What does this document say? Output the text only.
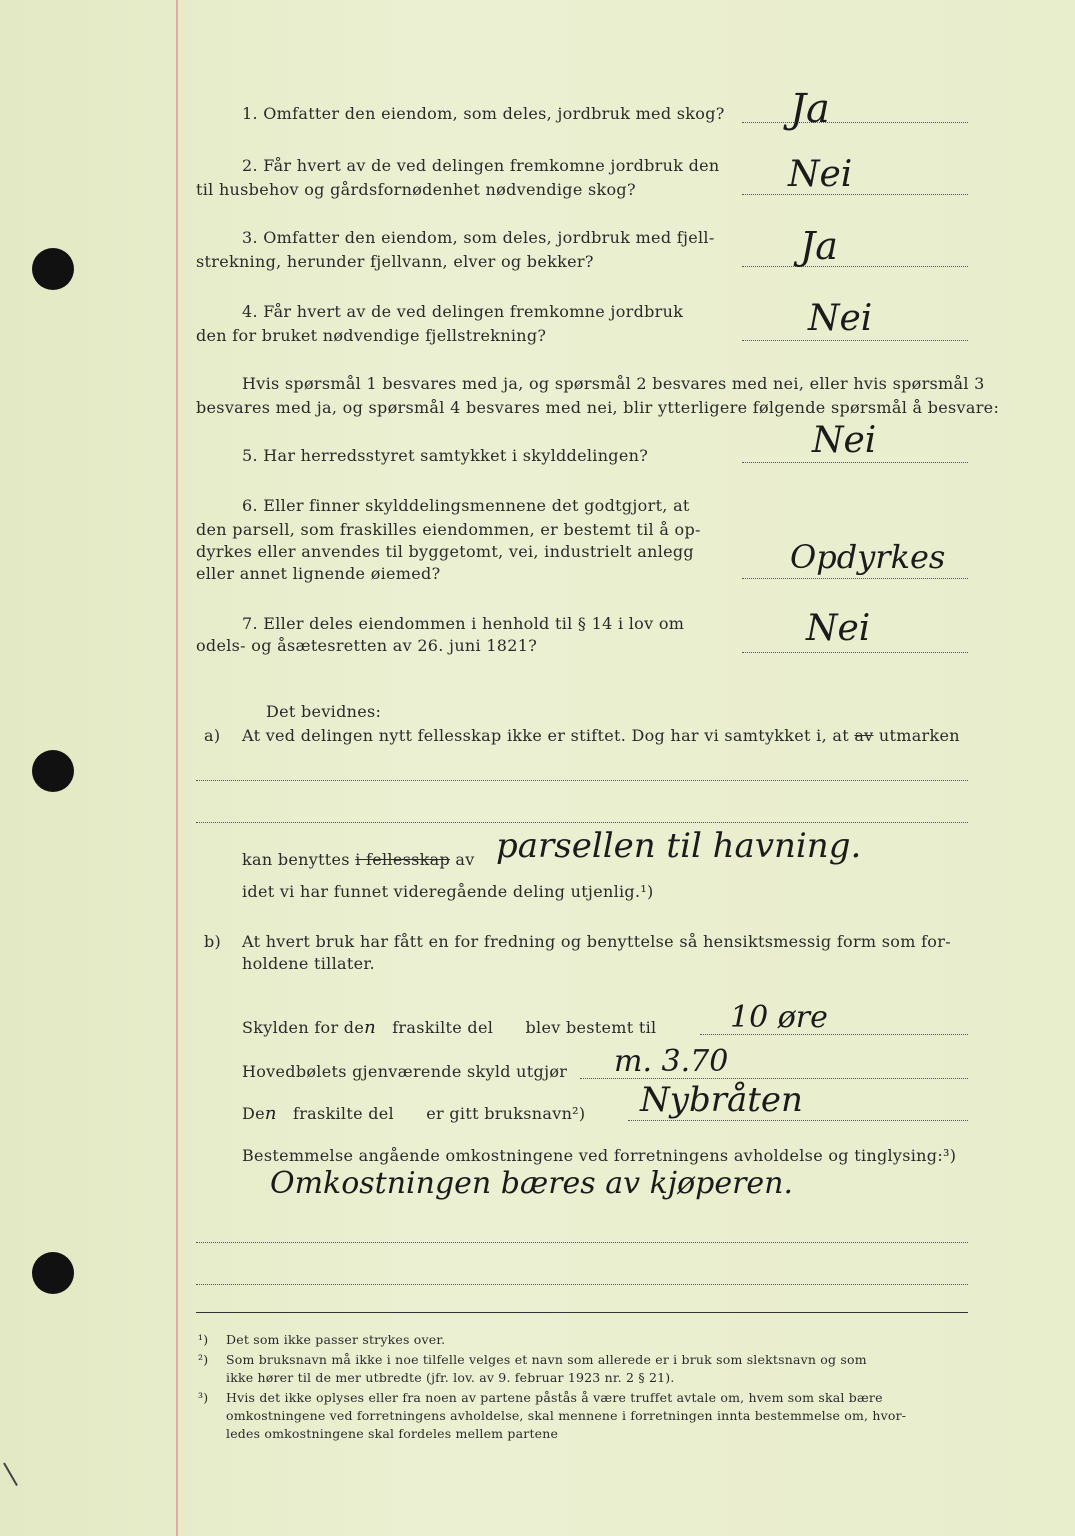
1. Omfatter den eiendom, som deles, jordbruk med skog? Ja
2. Får hvert av de ved delingen fremkomne jordbruk den
til husbehov og gårdsfornødenhet nødvendige skog?	Nei
3. Omfatter den eiendom, som deles, jordbruk med fjell-
strekning, herunder fjellvann, elver og bekker?	Ja
4. Får hvert av de ved delingen fremkomne jordbruk
den for bruket nødvendige fjellstrekning?	Nei
Hvis spørsmål 1 besvares med ja, og spørsmål 2 besvares med nei, eller hvis spørsmål 3
besvares med ja, og spørsmål 4 besvares med nei, blir ytterligere følgende spørsmål å besvare:
5. Har herredsstyret samtykket i skylddelingen?	Nei
6. Eller finner skylddelingsmennene det godtgjort, at
den parsell, som fraskilles eiendommen, er bestemt til å op-
dyrkes eller anvendes til byggetomt, vei, industrielt anlegg
eller annet lignende øiemed?	Opdyrkes
7. Eller deles eiendommen i henhold til § 14 i lov om
odels- og åsætesretten av 26. juni 1821?	Nei
Det bevidnes:
a) At ved delingen nytt fellesskap ikke er stiftet. Dog har vi samtykket i, at av utmarken
kan benyttes i fellesskap av parsellen til havning.
idet vi har funnet videregående deling utjenlig.¹)
b) At hvert bruk har fått en for fredning og benyttelse så hensiktsmessig form som for-
holdene tillater.
Skylden for den fraskilte del blev bestemt til 10 øre
Hovedbølets gjenværende skyld utgjør m. 3.70
Den fraskilte del er gitt bruksnavn²) Nybråten
Bestemmelse angående omkostningene ved forretningens avholdelse og tinglysing:³)
Omkostningen bæres av kjøperen.
¹) Det som ikke passer strykes over.
²) Som bruksnavn må ikke i noe tilfelle velges et navn som allerede er i bruk som slektsnavn og som
ikke hører til de mer utbredte (jfr. lov. av 9. februar 1923 nr. 2 § 21).
³) Hvis det ikke oplyses eller fra noen av partene påstås å være truffet avtale om, hvem som skal bære
omkostningene ved forretningens avholdelse, skal mennene i forretningen innta bestemmelse om, hvor-
ledes omkostningene skal fordeles mellem partene
